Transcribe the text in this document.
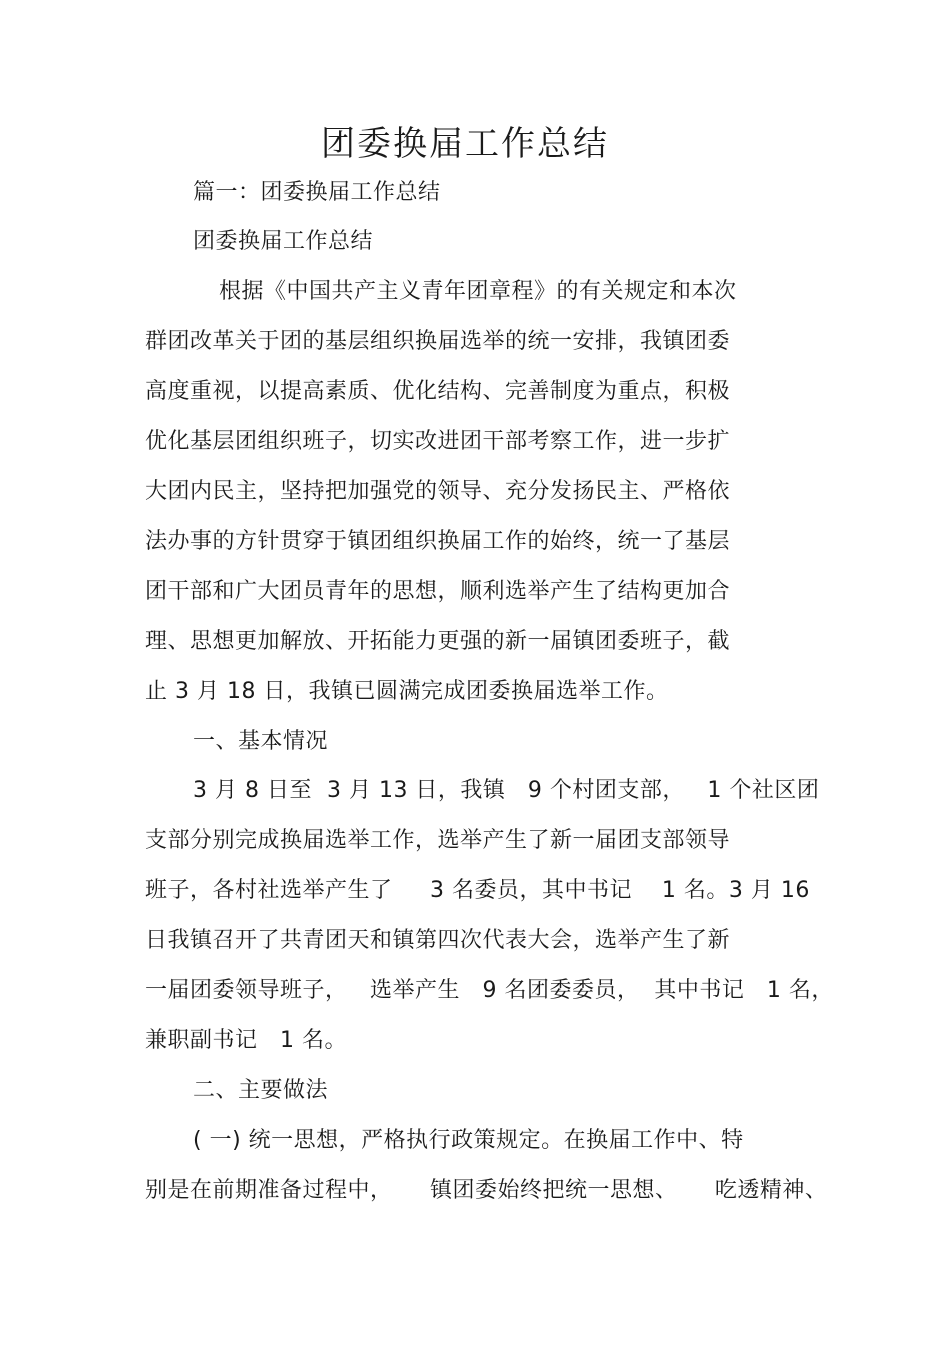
团委换届工作总结
篇一：团委换届工作总结
团委换届工作总结
根据《中国共产主义青年团章程》的有关规定和本次
群团改革关于团的基层组织换届选举的统一安排，我镇团委
高度重视，以提高素质、优化结构、完善制度为重点，积极
优化基层团组织班子，切实改进团干部考察工作，进一步扩
大团内民主，坚持把加强党的领导、充分发扬民主、严格依
法办事的方针贯穿于镇团组织换届工作的始终，统一了基层
团干部和广大团员青年的思想，顺利选举产生了结构更加合
理、思想更加解放、开拓能力更强的新一届镇团委班子，截
止 3 月 18 日，我镇已圆满完成团委换届选举工作。
一、基本情况
3 月 8 日至  3 月 13 日，我镇   9 个村团支部，   1 个社区团
支部分别完成换届选举工作，选举产生了新一届团支部领导
班子，各村社选举产生了     3 名委员，其中书记    1 名。3 月 16
日我镇召开了共青团天和镇第四次代表大会，选举产生了新
一届团委领导班子，   选举产生   9 名团委委员，  其中书记   1 名，
兼职副书记   1 名。
二、主要做法
( 一) 统一思想，严格执行政策规定。在换届工作中、特
别是在前期准备过程中，     镇团委始终把统一思想、     吃透精神、
